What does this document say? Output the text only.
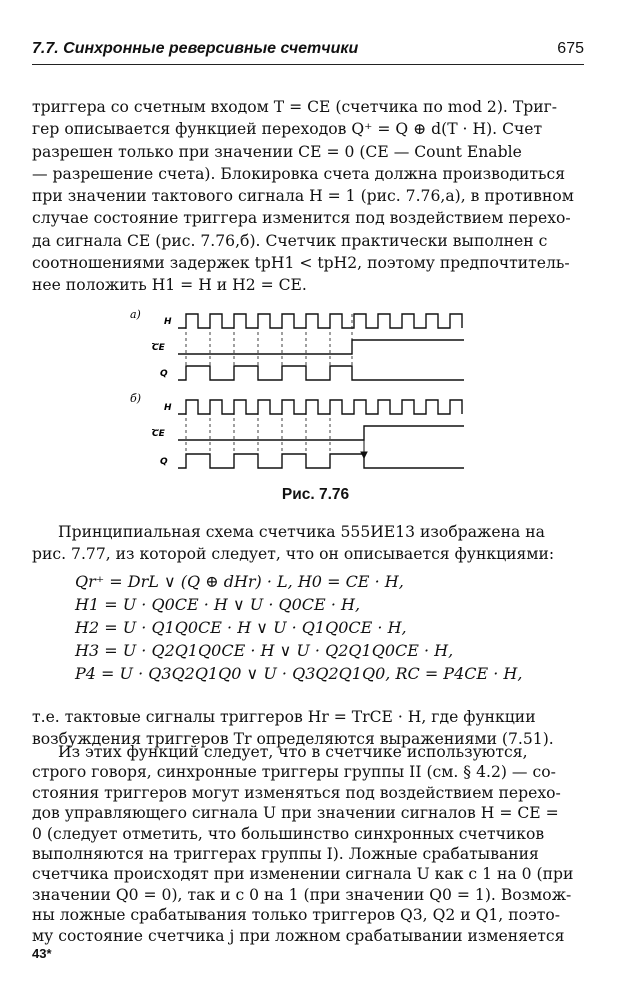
7.7. Синхронные реверсивные счетчики	675
триггера со счетным входом T = CE (счетчика по mod 2). Триг-
гер описывается функцией переходов Q⁺ = Q ⊕ d(T · H). Счет
разрешен только при значении CE = 0 (CE — Count Enable
— разрешение счета). Блокировка счета должна производиться
при значении тактового сигнала H = 1 (рис. 7.76,a), в противном
случае состояние триггера изменится под воздействием перехо-
да сигнала CE (рис. 7.76,б). Счетчик практически выполнен с
соотношениями задержек tpH1 < tpH2, поэтому предпочтитель-
нее положить H1 = H и H2 = CE.
а)
H
CE
Q
б)
H
CE
Q
Рис. 7.76
Принципиальная схема счетчика 555ИЕ13 изображена на
рис. 7.77, из которой следует, что он описывается функциями:
Qr⁺ = DrL ∨ (Q ⊕ dHr) · L, H0 = CE · H,
H1 = U · Q0CE · H ∨ U · Q0CE · H,
H2 = U · Q1Q0CE · H ∨ U · Q1Q0CE · H,
H3 = U · Q2Q1Q0CE · H ∨ U · Q2Q1Q0CE · H,
P4 = U · Q3Q2Q1Q0 ∨ U · Q3Q2Q1Q0, RC = P4CE · H,
т.е. тактовые сигналы триггеров Hr = TrCE · H, где функции
возбуждения триггеров Tr определяются выражениями (7.51).
Из этих функций следует, что в счетчике используются,
строго говоря, синхронные триггеры группы II (см. § 4.2) — со-
стояния триггеров могут изменяться под воздействием перехо-
дов управляющего сигнала U при значении сигналов H = CE =
0 (следует отметить, что большинство синхронных счетчиков
выполняются на триггерах группы I). Ложные срабатывания
счетчика происходят при изменении сигнала U как с 1 на 0 (при
значении Q0 = 0), так и с 0 на 1 (при значении Q0 = 1). Возмож-
ны ложные срабатывания только триггеров Q3, Q2 и Q1, поэто-
му состояние счетчика j при ложном срабатывании изменяется
43*
